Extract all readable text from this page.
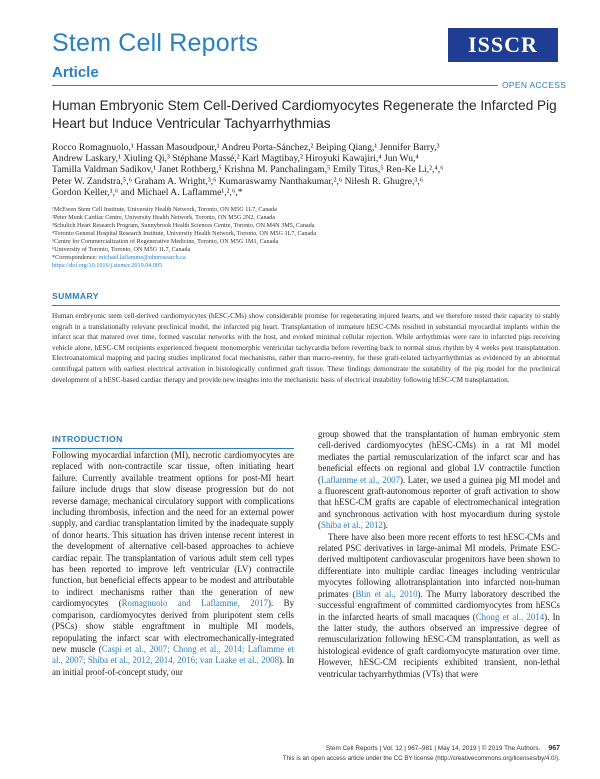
Stem Cell Reports
Article
ISSCR
OPEN ACCESS
Human Embryonic Stem Cell-Derived Cardiomyocytes Regenerate the Infarcted Pig Heart but Induce Ventricular Tachyarrhythmias
Rocco Romagnuolo,¹ Hassan Masoudpour,¹ Andreu Porta-Sánchez,² Beiping Qiang,¹ Jennifer Barry,³
Andrew Laskary,¹ Xiuling Qi,³ Stéphane Massé,² Karl Magtibay,² Hiroyuki Kawajiri,⁴ Jun Wu,⁴
Tamilla Valdman Sadikov,¹ Janet Rothberg,⁵ Krishna M. Panchalingam,⁵ Emily Titus,⁵ Ren-Ke Li,²,⁴,⁶
Peter W. Zandstra,⁵,⁶ Graham A. Wright,³,⁶ Kumaraswamy Nanthakumar,²,⁶ Nilesh R. Ghugre,³,⁶
Gordon Keller,¹,⁶ and Michael A. Laflamme¹,²,⁶,*
¹McEwen Stem Cell Institute, University Health Network, Toronto, ON M5G 1L7, Canada
²Peter Munk Cardiac Centre, University Health Network, Toronto, ON M5G 2N2, Canada
³Schulich Heart Research Program, Sunnybrook Health Sciences Centre, Toronto, ON M4N 3M5, Canada
⁴Toronto General Hospital Research Institute, University Health Network, Toronto, ON M5G 1L7, Canada
⁵Centre for Commercialization of Regenerative Medicine, Toronto, ON M5G 1M1, Canada
⁶University of Toronto, Toronto, ON M5G 1L7, Canada
*Correspondence: michael.laflamme@uhnresearch.ca
https://doi.org/10.1016/j.stemcr.2019.04.005
SUMMARY
Human embryonic stem cell-derived cardiomyocytes (hESC-CMs) show considerable promise for regenerating injured hearts, and we therefore tested their capacity to stably engraft in a translationally relevant preclinical model, the infarcted pig heart. Transplantation of immature hESC-CMs resulted in substantial myocardial implants within the infarct scar that matured over time, formed vascular networks with the host, and evoked minimal cellular rejection. While arrhythmias were rare in infarcted pigs receiving vehicle alone, hESC-CM recipients experienced frequent monomorphic ventricular tachycardia before reverting back to normal sinus rhythm by 4 weeks post transplantation. Electroanatomical mapping and pacing studies implicated focal mechanisms, rather than macro-reentry, for these graft-related tachyarrhythmias as evidenced by an abnormal centrifugal pattern with earliest electrical activation in histologically confirmed graft tissue. These findings demonstrate the suitability of the pig model for the preclinical development of a hESC-based cardiac therapy and provide new insights into the mechanistic basis of electrical instability following hESC-CM transplantation.
INTRODUCTION

Following myocardial infarction (MI), necrotic cardiomyocytes are replaced with non-contractile scar tissue, often initiating heart failure. Currently available treatment options for post-MI heart failure include drugs that slow disease progression but do not reverse damage, mechanical circulatory support with complications including thrombosis, infection and the need for an external power supply, and cardiac transplantation limited by the inadequate supply of donor hearts. This situation has driven intense recent interest in the development of alternative cell-based approaches to achieve cardiac repair. The transplantation of various adult stem cell types has been reported to improve left ventricular (LV) contractile function, but beneficial effects appear to be modest and attributable to indirect mechanisms rather than the generation of new cardiomyocytes (Romagnuolo and Laflamme, 2017). By comparison, cardiomyocytes derived from pluripotent stem cells (PSCs) show stable engraftment in multiple MI models, repopulating the infarct scar with electromechanically-integrated new muscle (Caspi et al., 2007; Chong et al., 2014; Laflamme et al., 2007; Shiba et al., 2012, 2014, 2016; van Laake et al., 2008). In an initial proof-of-concept study, our

group showed that the transplantation of human embryonic stem cell-derived cardiomyocytes (hESC-CMs) in a rat MI model mediates the partial remuscularization of the infarct scar and has beneficial effects on regional and global LV contractile function (Laflamme et al., 2007). Later, we used a guinea pig MI model and a fluorescent graft-autonomous reporter of graft activation to show that hESC-CM grafts are capable of electromechanical integration and synchronous activation with host myocardium during systole (Shiba et al., 2012).

There have also been more recent efforts to test hESC-CMs and related PSC derivatives in large-animal MI models. Primate ESC-derived multipotent cardiovascular progenitors have been shown to differentiate into multiple cardiac lineages including ventricular myocytes following allotransplantation into infarcted non-human primates (Blin et al., 2010). The Murry laboratory described the successful engraftment of committed cardiomyocytes from hESCs in the infarcted hearts of small macaques (Chong et al., 2014). In the latter study, the authors observed an impressive degree of remuscularization following hESC-CM transplantation, as well as histological evidence of graft cardiomyocyte maturation over time. However, hESC-CM recipients exhibited transient, non-lethal ventricular tachyarrhythmias (VTs) that were

Stem Cell Reports | Vol. 12 | 967–981 | May 14, 2019 | © 2019 The Authors. 967
This is an open access article under the CC BY license (http://creativecommons.org/licenses/by/4.0/).
